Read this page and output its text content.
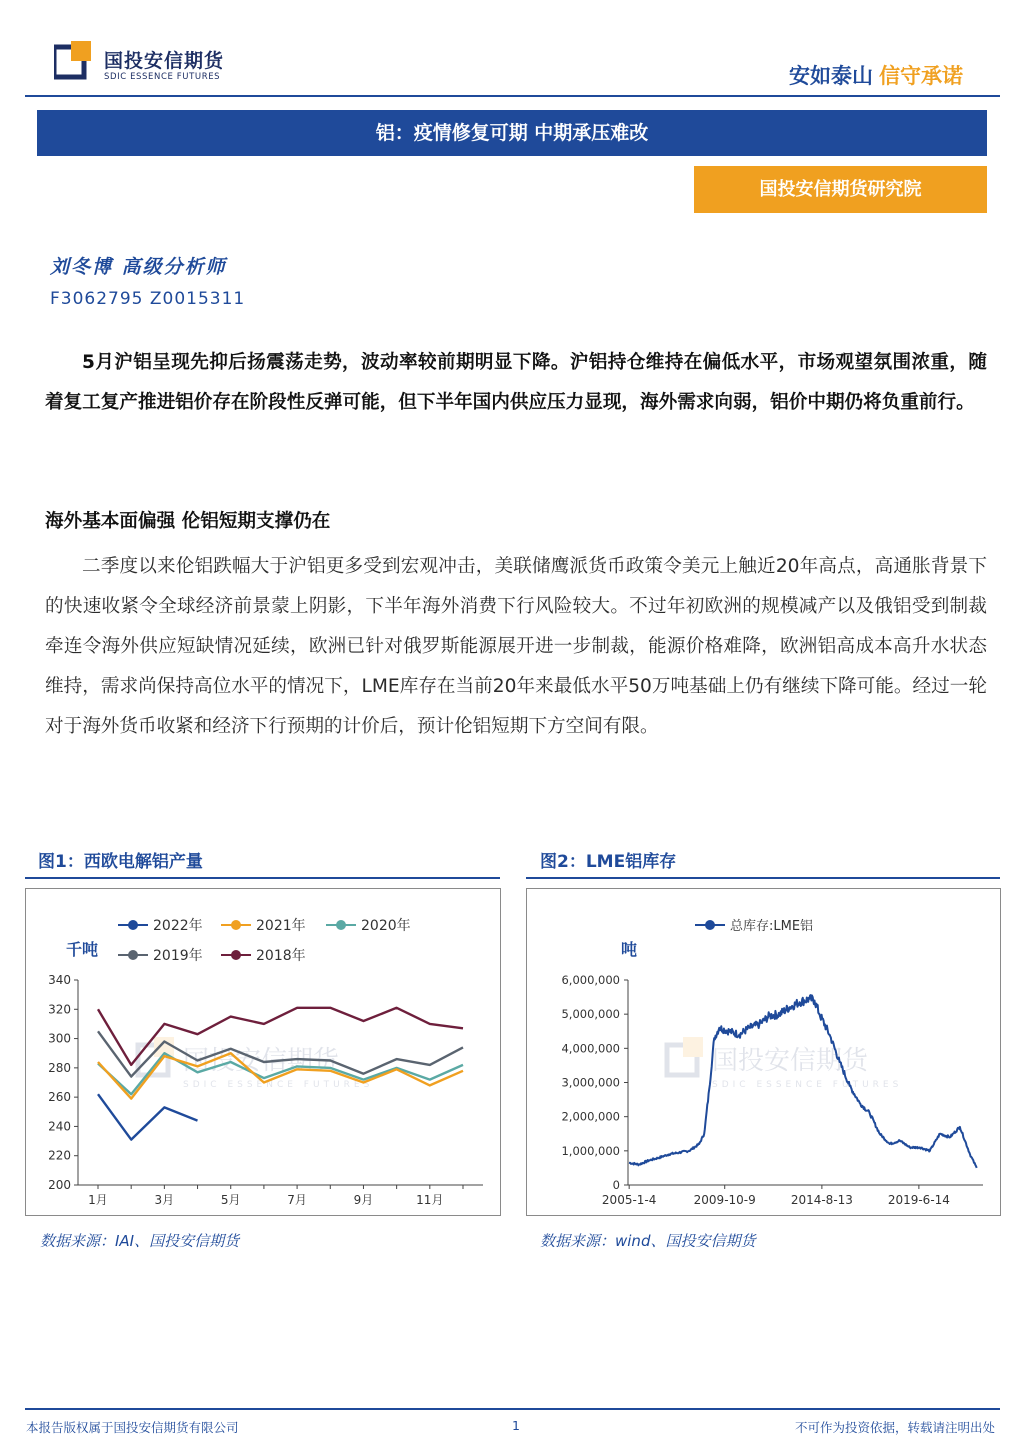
国投安信期货
SDIC ESSENCE FUTURES	安如泰山 信守承诺
铝：疫情修复可期 中期承压难改
国投安信期货研究院
刘冬博 高级分析师
F3062795 Z0015311
5月沪铝呈现先抑后扬震荡走势，波动率较前期明显下降。沪铝持仓维持在偏低水平，市场观望氛围浓重，随着复工复产推进铝价存在阶段性反弹可能，但下半年国内供应压力显现，海外需求向弱，铝价中期仍将负重前行。
海外基本面偏强 伦铝短期支撑仍在
二季度以来伦铝跌幅大于沪铝更多受到宏观冲击，美联储鹰派货币政策令美元上触近20年高点，高通胀背景下的快速收紧令全球经济前景蒙上阴影，下半年海外消费下行风险较大。不过年初欧洲的规模减产以及俄铝受到制裁牵连令海外供应短缺情况延续，欧洲已针对俄罗斯能源展开进一步制裁，能源价格难降，欧洲铝高成本高升水状态维持，需求尚保持高位水平的情况下，LME库存在当前20年来最低水平50万吨基础上仍有继续下降可能。经过一轮对于海外货币收紧和经济下行预期的计价后，预计伦铝短期下方空间有限。
图1：西欧电解铝产量
2022年	2021年	2020年
2019年	2018年
千吨
200
220
240
260
280
300
320
340
1月	3月	5月	7月	9月	11月
国投安信期货
SDIC ESSENCE FUTURES
数据来源：IAI、国投安信期货
图2：LME铝库存
总库存:LME铝
吨
0
1,000,000
2,000,000
3,000,000
4,000,000
5,000,000
6,000,000
2005-1-4	2009-10-9	2014-8-13	2019-6-14
国投安信期货
SDIC ESSENCE FUTURES
数据来源：wind、国投安信期货
本报告版权属于国投安信期货有限公司	1	不可作为投资依据，转载请注明出处
